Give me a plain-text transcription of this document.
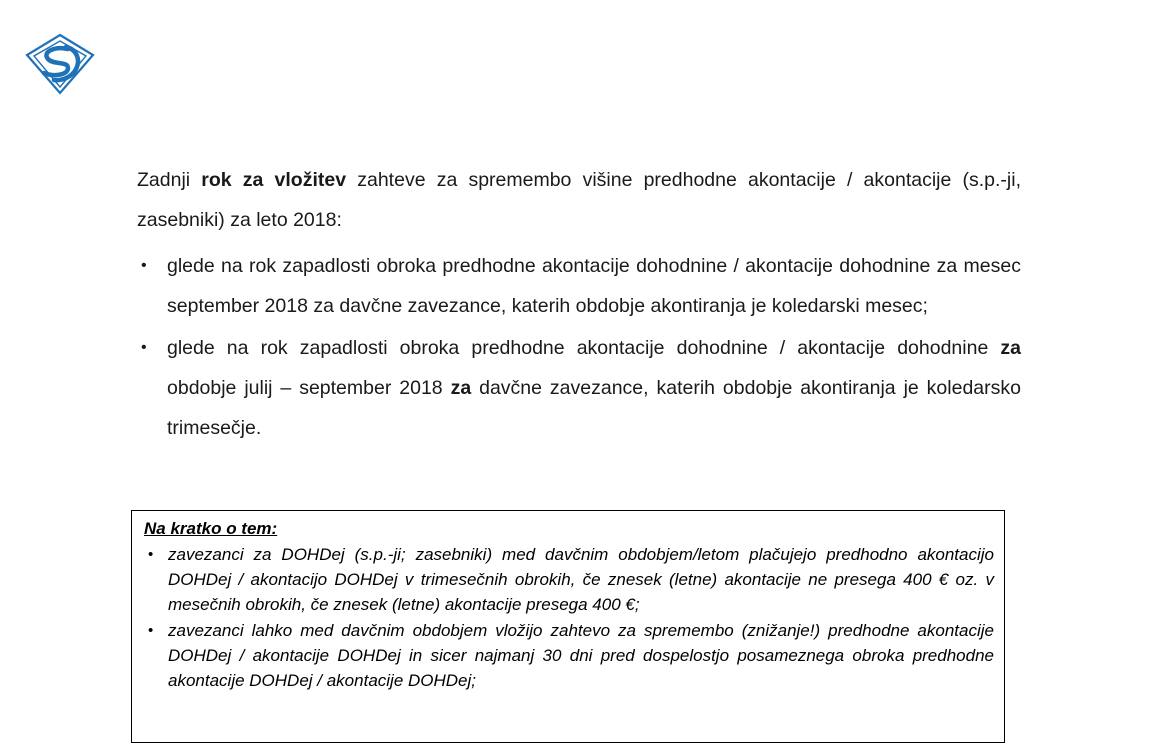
Zadnji rok za vložitev zahteve za spremembo višine predhodne akontacije / akontacije (s.p.-ji, zasebniki) za leto 2018:

• glede na rok zapadlosti obroka predhodne akontacije dohodnine / akontacije dohodnine za mesec september 2018 za davčne zavezance, katerih obdobje akontiranja je koledarski mesec;
• glede na rok zapadlosti obroka predhodne akontacije dohodnine / akontacije dohodnine za obdobje julij – september 2018 za davčne zavezance, katerih obdobje akontiranja je koledarsko trimesečje.
Na kratko o tem:
• zavezanci za DOHDej (s.p.-ji; zasebniki) med davčnim obdobjem/letom plačujejo predhodno akontacijo DOHDej / akontacijo DOHDej v trimesečnih obrokih, če znesek (letne) akontacije ne presega 400 € oz. v mesečnih obrokih, če znesek (letne) akontacije presega 400 €;
• zavezanci lahko med davčnim obdobjem vložijo zahtevo za spremembo (znižanje!) predhodne akontacije DOHDej / akontacije DOHDej in sicer najmanj 30 dni pred dospelostjo posameznega obroka predhodne akontacije DOHDej / akontacije DOHDej;
